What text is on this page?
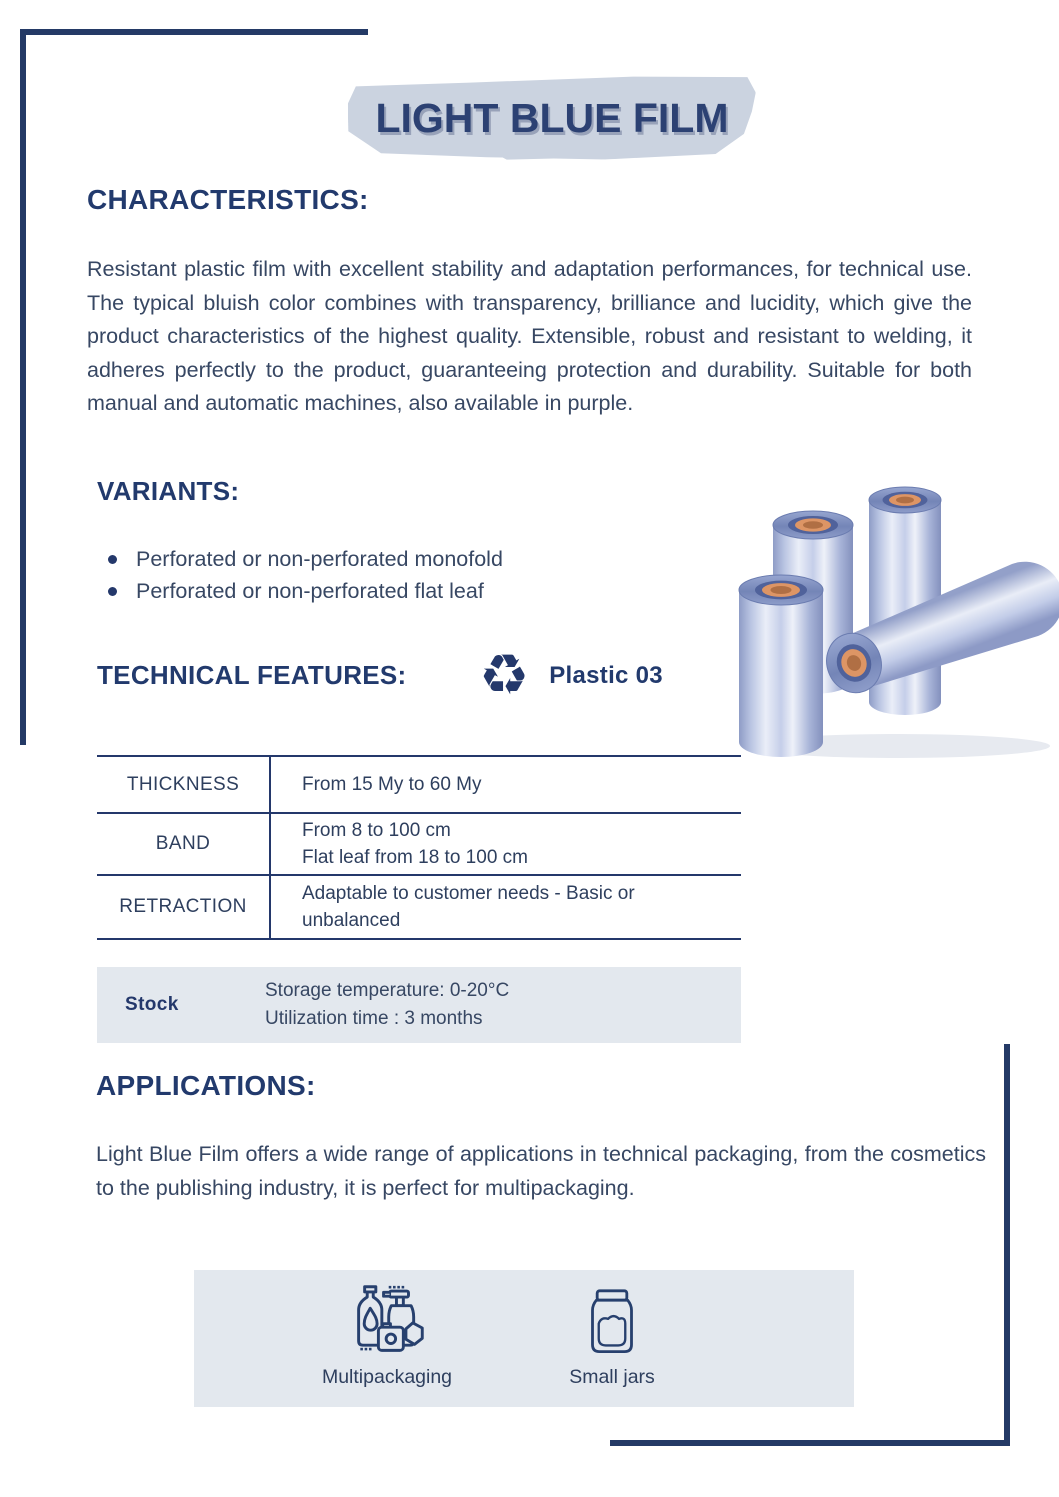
LIGHT BLUE FILM
CHARACTERISTICS:
Resistant plastic film with excellent stability and adaptation performances, for technical use. The typical bluish color combines with transparency, brilliance and lucidity, which give the product characteristics of the highest quality. Extensible, robust and resistant to welding, it adheres perfectly to the product, guaranteeing protection and durability. Suitable for both manual and automatic machines, also available in purple.
VARIANTS:
Perforated or non-perforated monofold
Perforated or non-perforated flat leaf
TECHNICAL FEATURES: ♻ Plastic 03
THICKNESS	From 15 My to 60 My
BAND
From 8 to 100 cm
Flat leaf from 18 to 100 cm
RETRACTION
Adaptable to customer needs - Basic or unbalanced
Stock
Storage temperature: 0-20°C
Utilization time : 3 months
APPLICATIONS:
Light Blue Film offers a wide range of applications in technical packaging, from the cosmetics to the publishing industry, it is perfect for multipackaging.
Multipackaging	Small jars
